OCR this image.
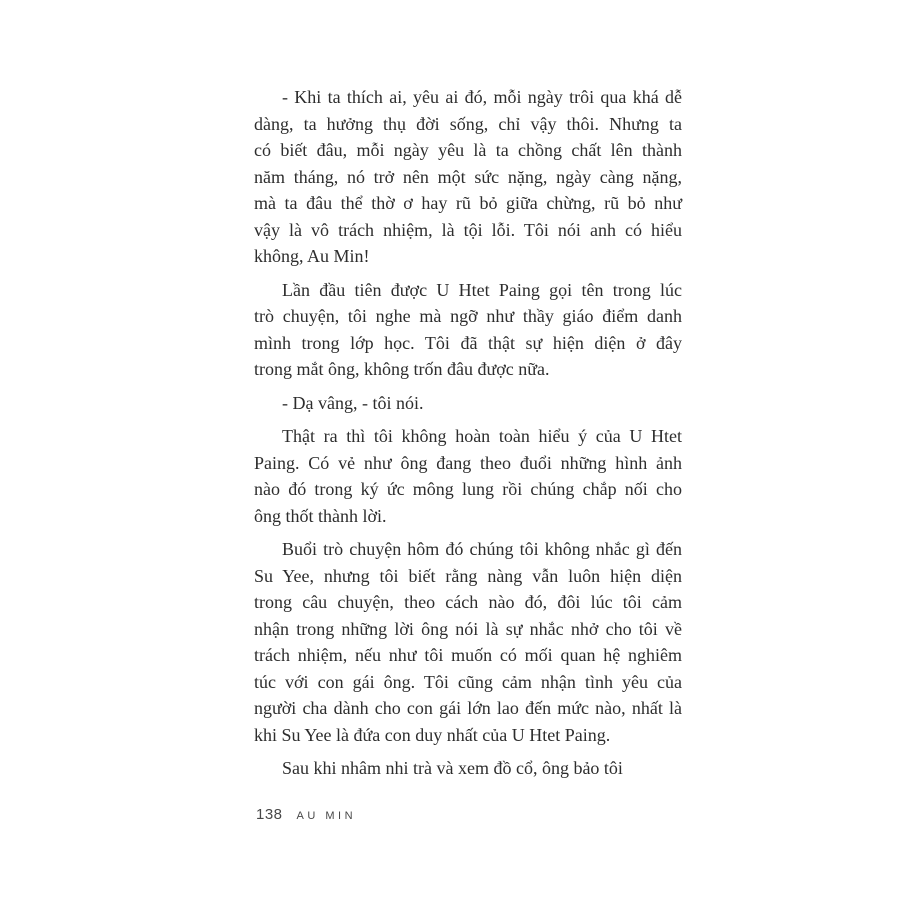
- Khi ta thích ai, yêu ai đó, mỗi ngày trôi qua khá dễ
dàng, ta hưởng thụ đời sống, chỉ vậy thôi. Nhưng ta
có biết đâu, mỗi ngày yêu là ta chồng chất lên thành
năm tháng, nó trở nên một sức nặng, ngày càng nặng,
mà ta đâu thể thờ ơ hay rũ bỏ giữa chừng, rũ bỏ như
vậy là vô trách nhiệm, là tội lỗi. Tôi nói anh có hiểu
không, Au Min!
Lần đầu tiên được U Htet Paing gọi tên trong lúc
trò chuyện, tôi nghe mà ngỡ như thầy giáo điểm danh
mình trong lớp học. Tôi đã thật sự hiện diện ở đây
trong mắt ông, không trốn đâu được nữa.
- Dạ vâng, - tôi nói.
Thật ra thì tôi không hoàn toàn hiểu ý của U Htet
Paing. Có vẻ như ông đang theo đuổi những hình ảnh
nào đó trong ký ức mông lung rồi chúng chắp nối cho
ông thốt thành lời.
Buổi trò chuyện hôm đó chúng tôi không nhắc gì đến
Su Yee, nhưng tôi biết rằng nàng vẫn luôn hiện diện
trong câu chuyện, theo cách nào đó, đôi lúc tôi cảm
nhận trong những lời ông nói là sự nhắc nhở cho tôi về
trách nhiệm, nếu như tôi muốn có mối quan hệ nghiêm
túc với con gái ông. Tôi cũng cảm nhận tình yêu của
người cha dành cho con gái lớn lao đến mức nào, nhất là
khi Su Yee là đứa con duy nhất của U Htet Paing.
Sau khi nhâm nhi trà và xem đồ cổ, ông bảo tôi
138 AU MIN
